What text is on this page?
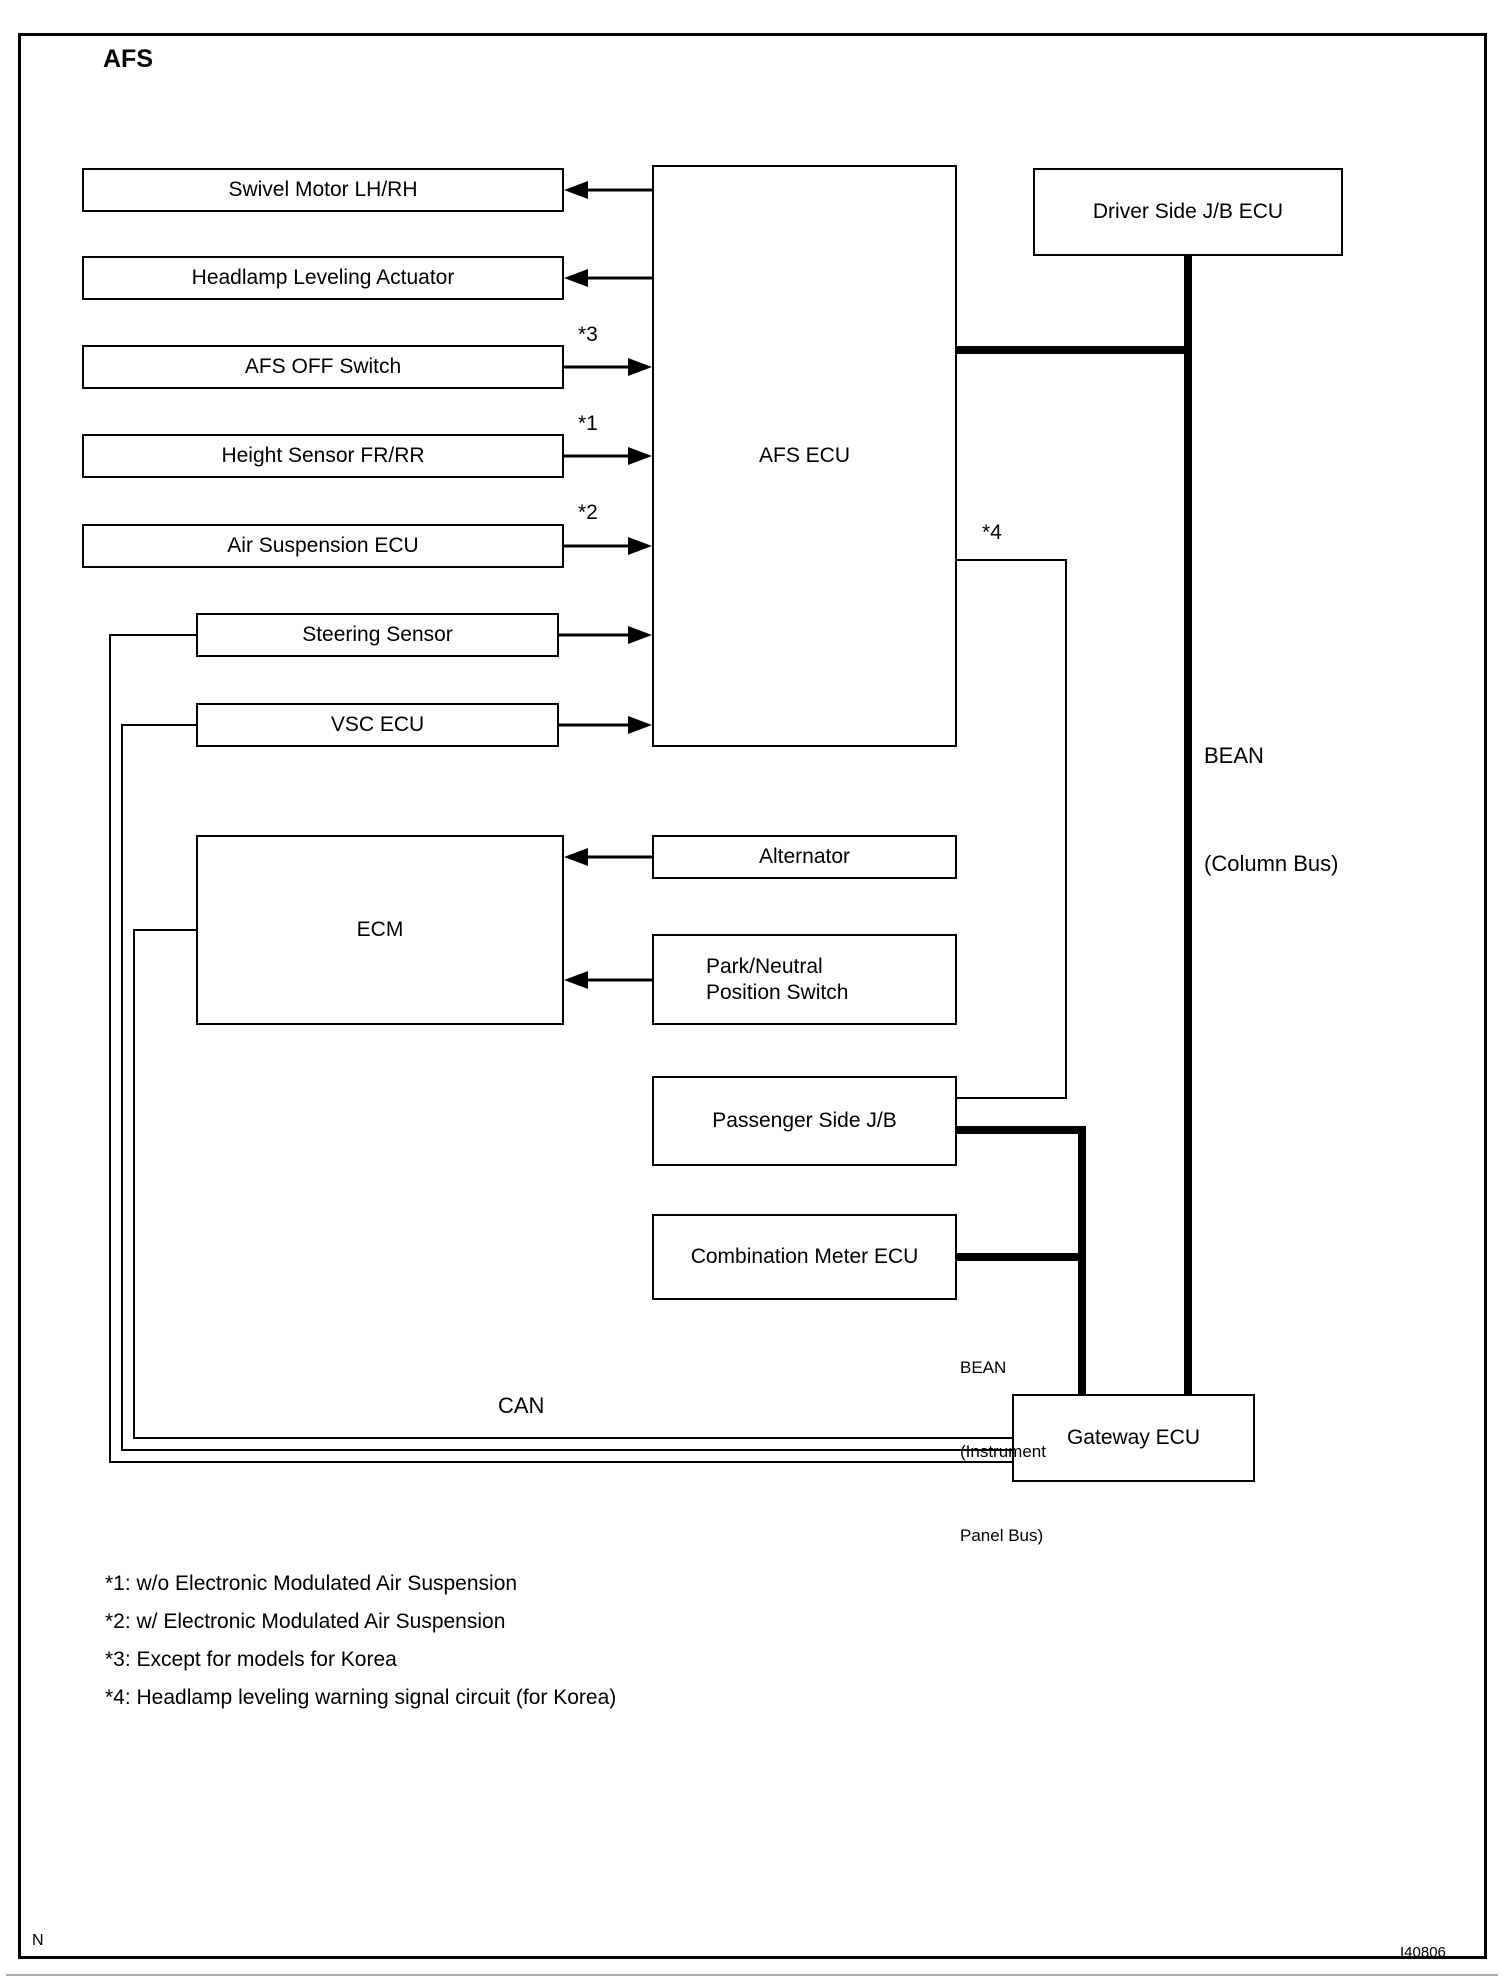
AFS
Swivel Motor LH/RH
Headlamp Leveling Actuator
AFS OFF Switch
Height Sensor FR/RR
Air Suspension ECU
Steering Sensor
VSC ECU
AFS ECU
Driver Side J/B ECU
ECM
Alternator
Park/Neutral Position Switch
Passenger Side J/B
Combination Meter ECU
Gateway ECU
*3
*1
*2
*4

BEAN

(Column Bus)

BEAN

(Instrument

Panel Bus)

CAN
*1: w/o Electronic Modulated Air Suspension
*2: w/ Electronic Modulated Air Suspension
*3: Except for models for Korea
*4: Headlamp leveling warning signal circuit (for Korea)
N
I40806
